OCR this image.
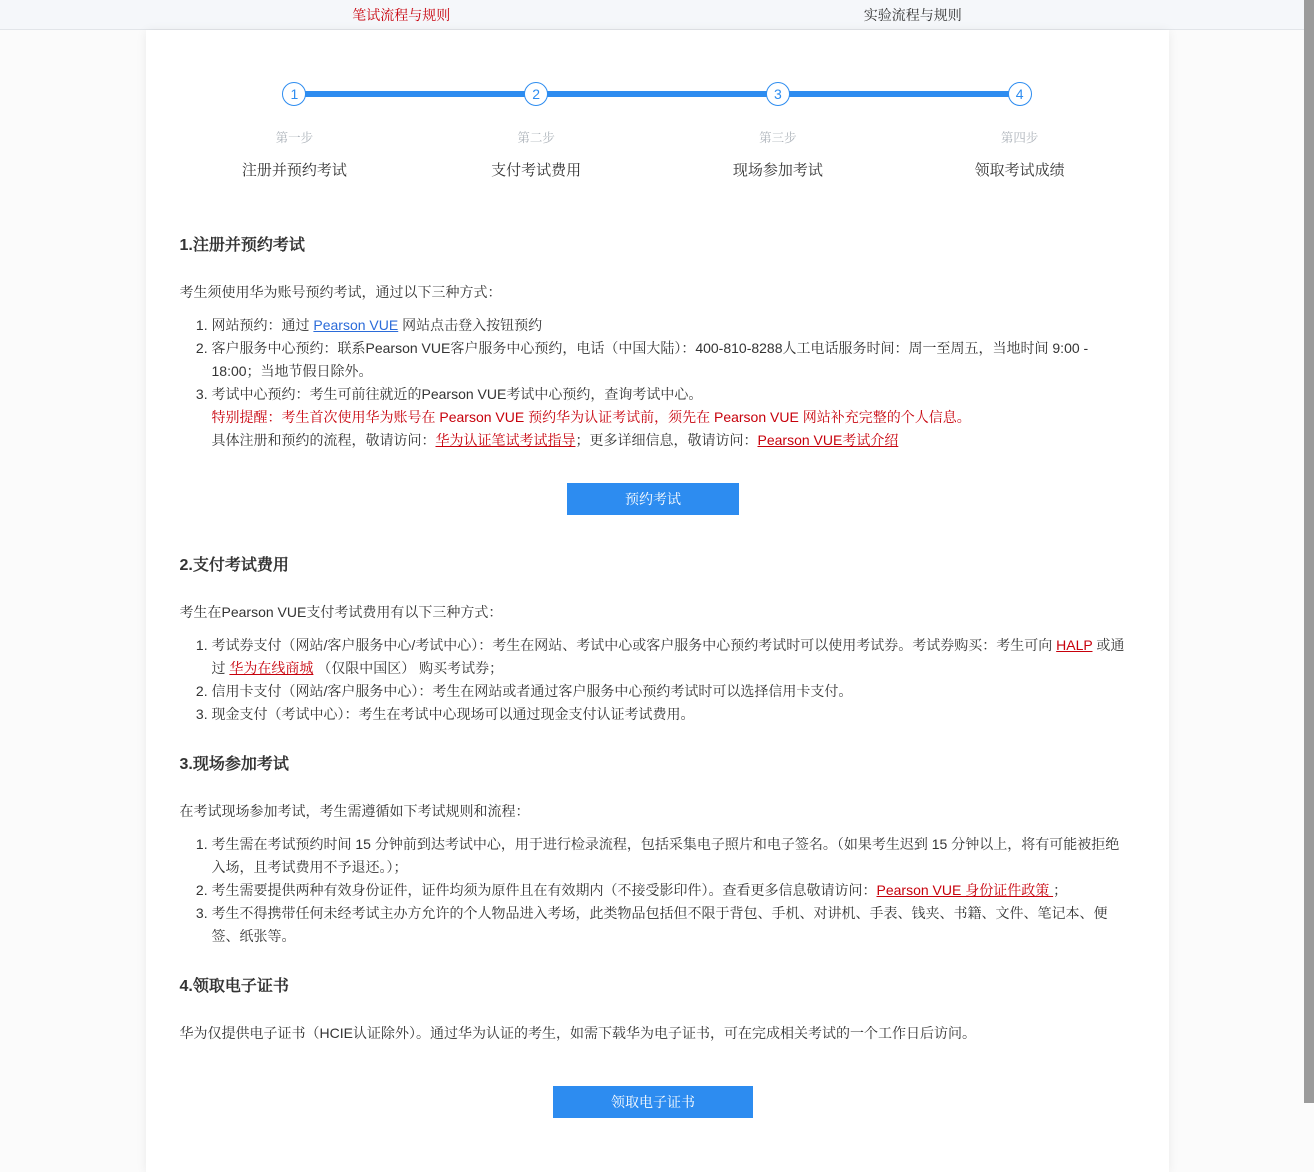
笔试流程与规则	实验流程与规则
1	2	3	4
第一步	第二步	第三步	第四步
注册并预约考试	支付考试费用	现场参加考试	领取考试成绩
1.注册并预约考试

考生须使用华为账号预约考试，通过以下三种方式：

1. 网站预约：通过 Pearson VUE 网站点击登入按钮预约
2. 客户服务中心预约：联系Pearson VUE客户服务中心预约，电话（中国大陆）：400-810-8288人工电话服务时间：周一至周五，当地时间 9:00 - 18:00；当地节假日除外。
3. 考试中心预约：考生可前往就近的Pearson VUE考试中心预约，查询考试中心。
特别提醒：考生首次使用华为账号在 Pearson VUE 预约华为认证考试前，须先在 Pearson VUE 网站补充完整的个人信息。
具体注册和预约的流程，敬请访问：华为认证笔试考试指导；更多详细信息，敬请访问：Pearson VUE考试介绍
预约考试
2.支付考试费用

考生在Pearson VUE支付考试费用有以下三种方式：

1. 考试券支付（网站/客户服务中心/考试中心）：考生在网站、考试中心或客户服务中心预约考试时可以使用考试券。考试券购买：考生可向 HALP 或通过 华为在线商城 （仅限中国区） 购买考试券；
2. 信用卡支付（网站/客户服务中心）：考生在网站或者通过客户服务中心预约考试时可以选择信用卡支付。
3. 现金支付（考试中心）：考生在考试中心现场可以通过现金支付认证考试费用。
3.现场参加考试

在考试现场参加考试，考生需遵循如下考试规则和流程：

1. 考生需在考试预约时间 15 分钟前到达考试中心，用于进行检录流程，包括采集电子照片和电子签名。（如果考生迟到 15 分钟以上，将有可能被拒绝入场，且考试费用不予退还。）；
2. 考生需要提供两种有效身份证件，证件均须为原件且在有效期内（不接受影印件）。查看更多信息敬请访问：Pearson VUE 身份证件政策 ；
3. 考生不得携带任何未经考试主办方允许的个人物品进入考场，此类物品包括但不限于背包、手机、对讲机、手表、钱夹、书籍、文件、笔记本、便签、纸张等。
4.领取电子证书

华为仅提供电子证书（HCIE认证除外）。通过华为认证的考生，如需下载华为电子证书，可在完成相关考试的一个工作日后访问。

领取电子证书
